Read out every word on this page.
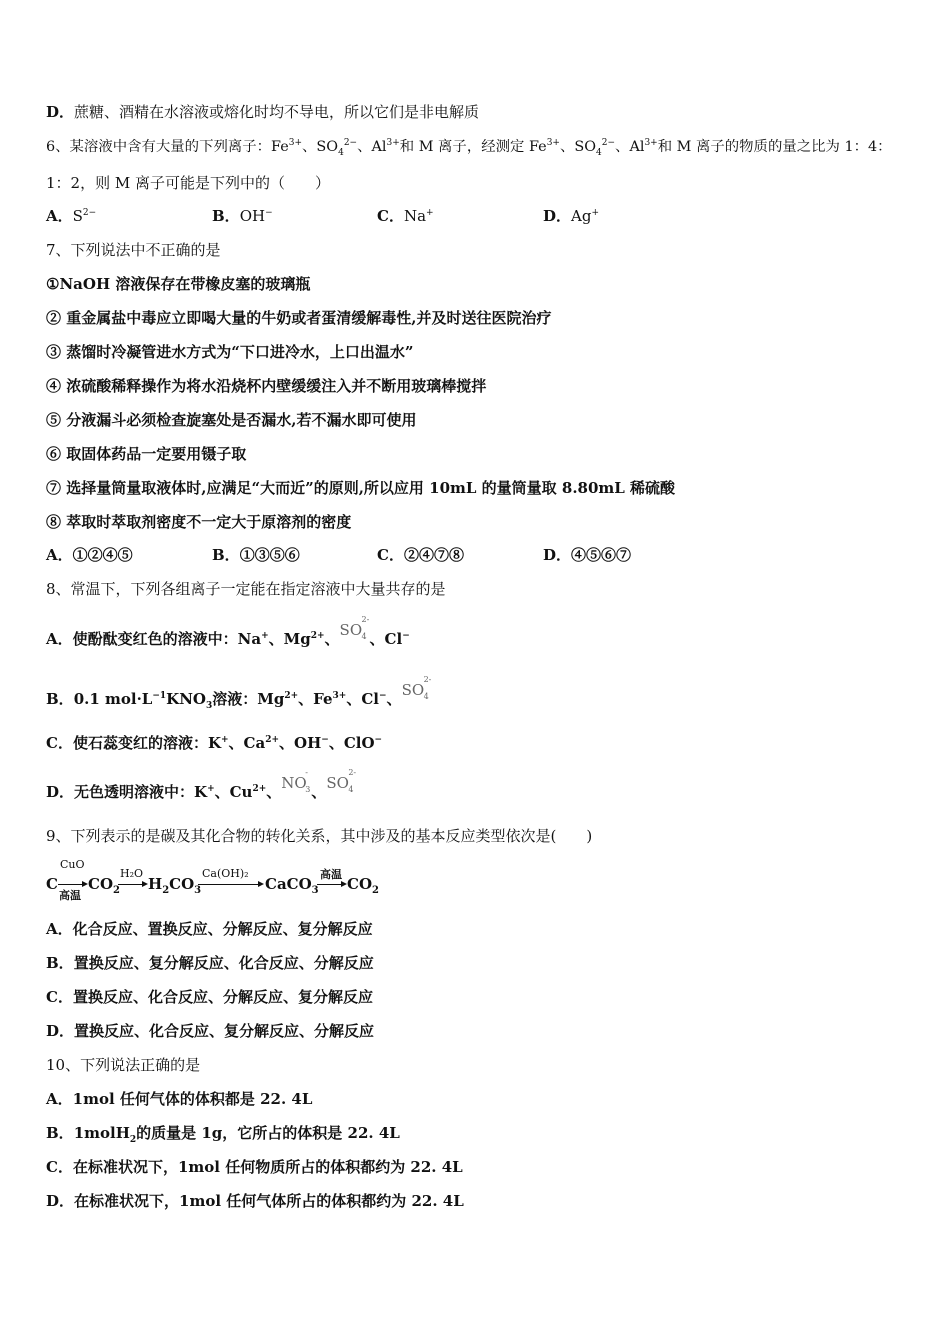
D．蔗糖、酒精在水溶液或熔化时均不导电，所以它们是非电解质
6、某溶液中含有大量的下列离子：$Fe^{3+}$、$SO_4^{2-}$、$Al^{3+}$和 M 离子，经测定 $Fe^{3+}$、$SO_4^{2-}$、$Al^{3+}$和 M 离子的物质的量之比为 1：4：
1：2，则 M 离子可能是下列中的（　　）
A．$S^{2-}$	B．OH−	C．Na+	D．Ag+
7、下列说法中不正确的是
①NaOH 溶液保存在带橡皮塞的玻璃瓶
② 重金属盐中毒应立即喝大量的牛奶或者蛋清缓解毒性,并及时送往医院治疗
③ 蒸馏时冷凝管进水方式为“下口进冷水，上口出温水”
④ 浓硫酸稀释操作为将水沿烧杯内壁缓缓注入并不断用玻璃棒搅拌
⑤ 分液漏斗必须检查旋塞处是否漏水,若不漏水即可使用
⑥ 取固体药品一定要用镊子取
⑦ 选择量筒量取液体时,应满足“大而近”的原则,所以应用 10mL 的量筒量取 8.80mL 稀硫酸
⑧ 萃取时萃取剂密度不一定大于原溶剂的密度
A．①②④⑤	B．①③⑤⑥	C．②④⑦⑧	D．④⑤⑥⑦
8、常温下，下列各组离子一定能在指定溶液中大量共存的是
A．使酚酞变红色的溶液中：Na+、$Mg^{2+}$、 SO
2-
4 、Cl−
B．0.1 $mol\cdot L^{-1}KNO_3$溶液：$Mg^{2+}$、$Fe^{3+}$、Cl−、 SO
2-
4
C．使石蕊变红的溶液：K+、$Ca^{2+}$、OH−、ClO−
D．无色透明溶液中：K+、$Cu^{2+}$、 NO
-
3 、 SO
2-
4
9、下列表示的是碳及其化合物的转化关系，其中涉及的基本反应类型依次是(　　)
C
CuO
高温
$CO_2$
H₂O
$H_2CO_3$
Ca(OH)₂
CaCO$_3$
高温
$CO_2$
A．化合反应、置换反应、分解反应、复分解反应
B．置换反应、复分解反应、化合反应、分解反应
C．置换反应、化合反应、分解反应、复分解反应
D．置换反应、化合反应、复分解反应、分解反应
10、下列说法正确的是
A．1mol 任何气体的体积都是 22. 4L
B．1molH$_2$的质量是 1g，它所占的体积是 22. 4L
C．在标准状况下，1mol 任何物质所占的体积都约为 22. 4L
D．在标准状况下，1mol 任何气体所占的体积都约为 22. 4L
